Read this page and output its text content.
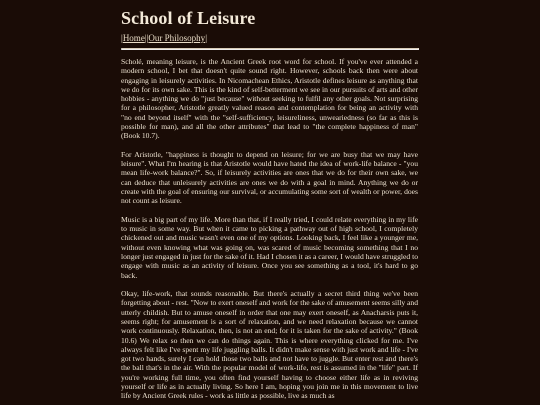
School of Leisure
|Home||Our Philosophy|

Scholé, meaning leisure, is the Ancient Greek root word for school. If you've ever attended a modern school, I bet that doesn't quite sound right. However, schools back then were about engaging in leisurely activities. In Nicomachean Ethics, Aristotle defines leisure as anything that we do for its own sake. This is the kind of self-betterment we see in our pursuits of arts and other hobbies - anything we do "just because" without seeking to fulfil any other goals. Not surprising for a philosopher, Aristotle greatly valued reason and contemplation for being an activity with "no end beyond itself" with the "self-sufficiency, leisureliness, unweariedness (so far as this is possible for man), and all the other attributes" that lead to "the complete happiness of man" (Book 10.7).

For Aristotle, "happiness is thought to depend on leisure; for we are busy that we may have leisure". What I'm hearing is that Aristotle would have hated the idea of work-life balance - "you mean life-work balance?". So, if leisurely activities are ones that we do for their own sake, we can deduce that unleisurely activities are ones we do with a goal in mind. Anything we do or create with the goal of ensuring our survival, or accumulating some sort of wealth or power, does not count as leisure.

Music is a big part of my life. More than that, if I really tried, I could relate everything in my life to music in some way. But when it came to picking a pathway out of high school, I completely chickened out and music wasn't even one of my options. Looking back, I feel like a younger me, without even knowing what was going on, was scared of music becoming something that I no longer just engaged in just for the sake of it. Had I chosen it as a career, I would have struggled to engage with music as an activity of leisure. Once you see something as a tool, it's hard to go back.

Okay, life-work, that sounds reasonable. But there's actually a secret third thing we've been forgetting about - rest. "Now to exert oneself and work for the sake of amusement seems silly and utterly childish. But to amuse oneself in order that one may exert oneself, as Anacharsis puts it, seems right; for amusement is a sort of relaxation, and we need relaxation because we cannot work continuously. Relaxation, then, is not an end; for it is taken for the sake of activity." (Book 10.6) We relax so then we can do things again. This is where everything clicked for me. I've always felt like I've spent my life juggling balls. It didn't make sense with just work and life - I've got two hands, surely I can hold those two balls and not have to juggle. But enter rest and there's the ball that's in the air. With the popular model of work-life, rest is assumed in the "life" part. If you're working full time, you often find yourself having to choose either life as in reviving yourself or life as in actually living. So here I am, hoping you join me in this movement to live life by Ancient Greek rules - work as little as possible, live as much as
